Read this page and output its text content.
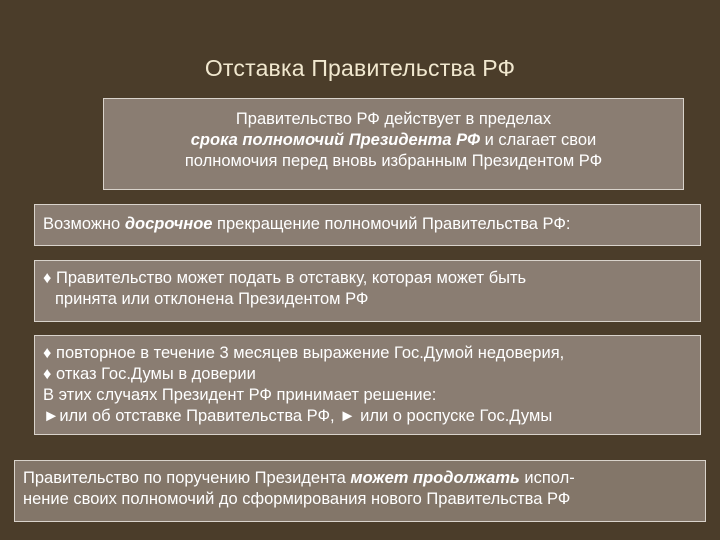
Отставка Правительства РФ
Правительство РФ действует в пределах
срока полномочий Президента РФ и слагает свои
полномочия перед вновь избранным Президентом РФ
Возможно досрочное прекращение полномочий Правительства РФ:
♦ Правительство может подать в отставку, которая может быть
принята или отклонена Президентом РФ
♦ повторное в течение 3 месяцев выражение Гос.Думой недоверия,
♦ отказ Гос.Думы в доверии
В этих случаях Президент РФ принимает решение:
►или об отставке Правительства РФ, ► или о роспуске Гос.Думы
Правительство по поручению Президента может продолжать испол-
нение своих полномочий до сформирования нового Правительства РФ
